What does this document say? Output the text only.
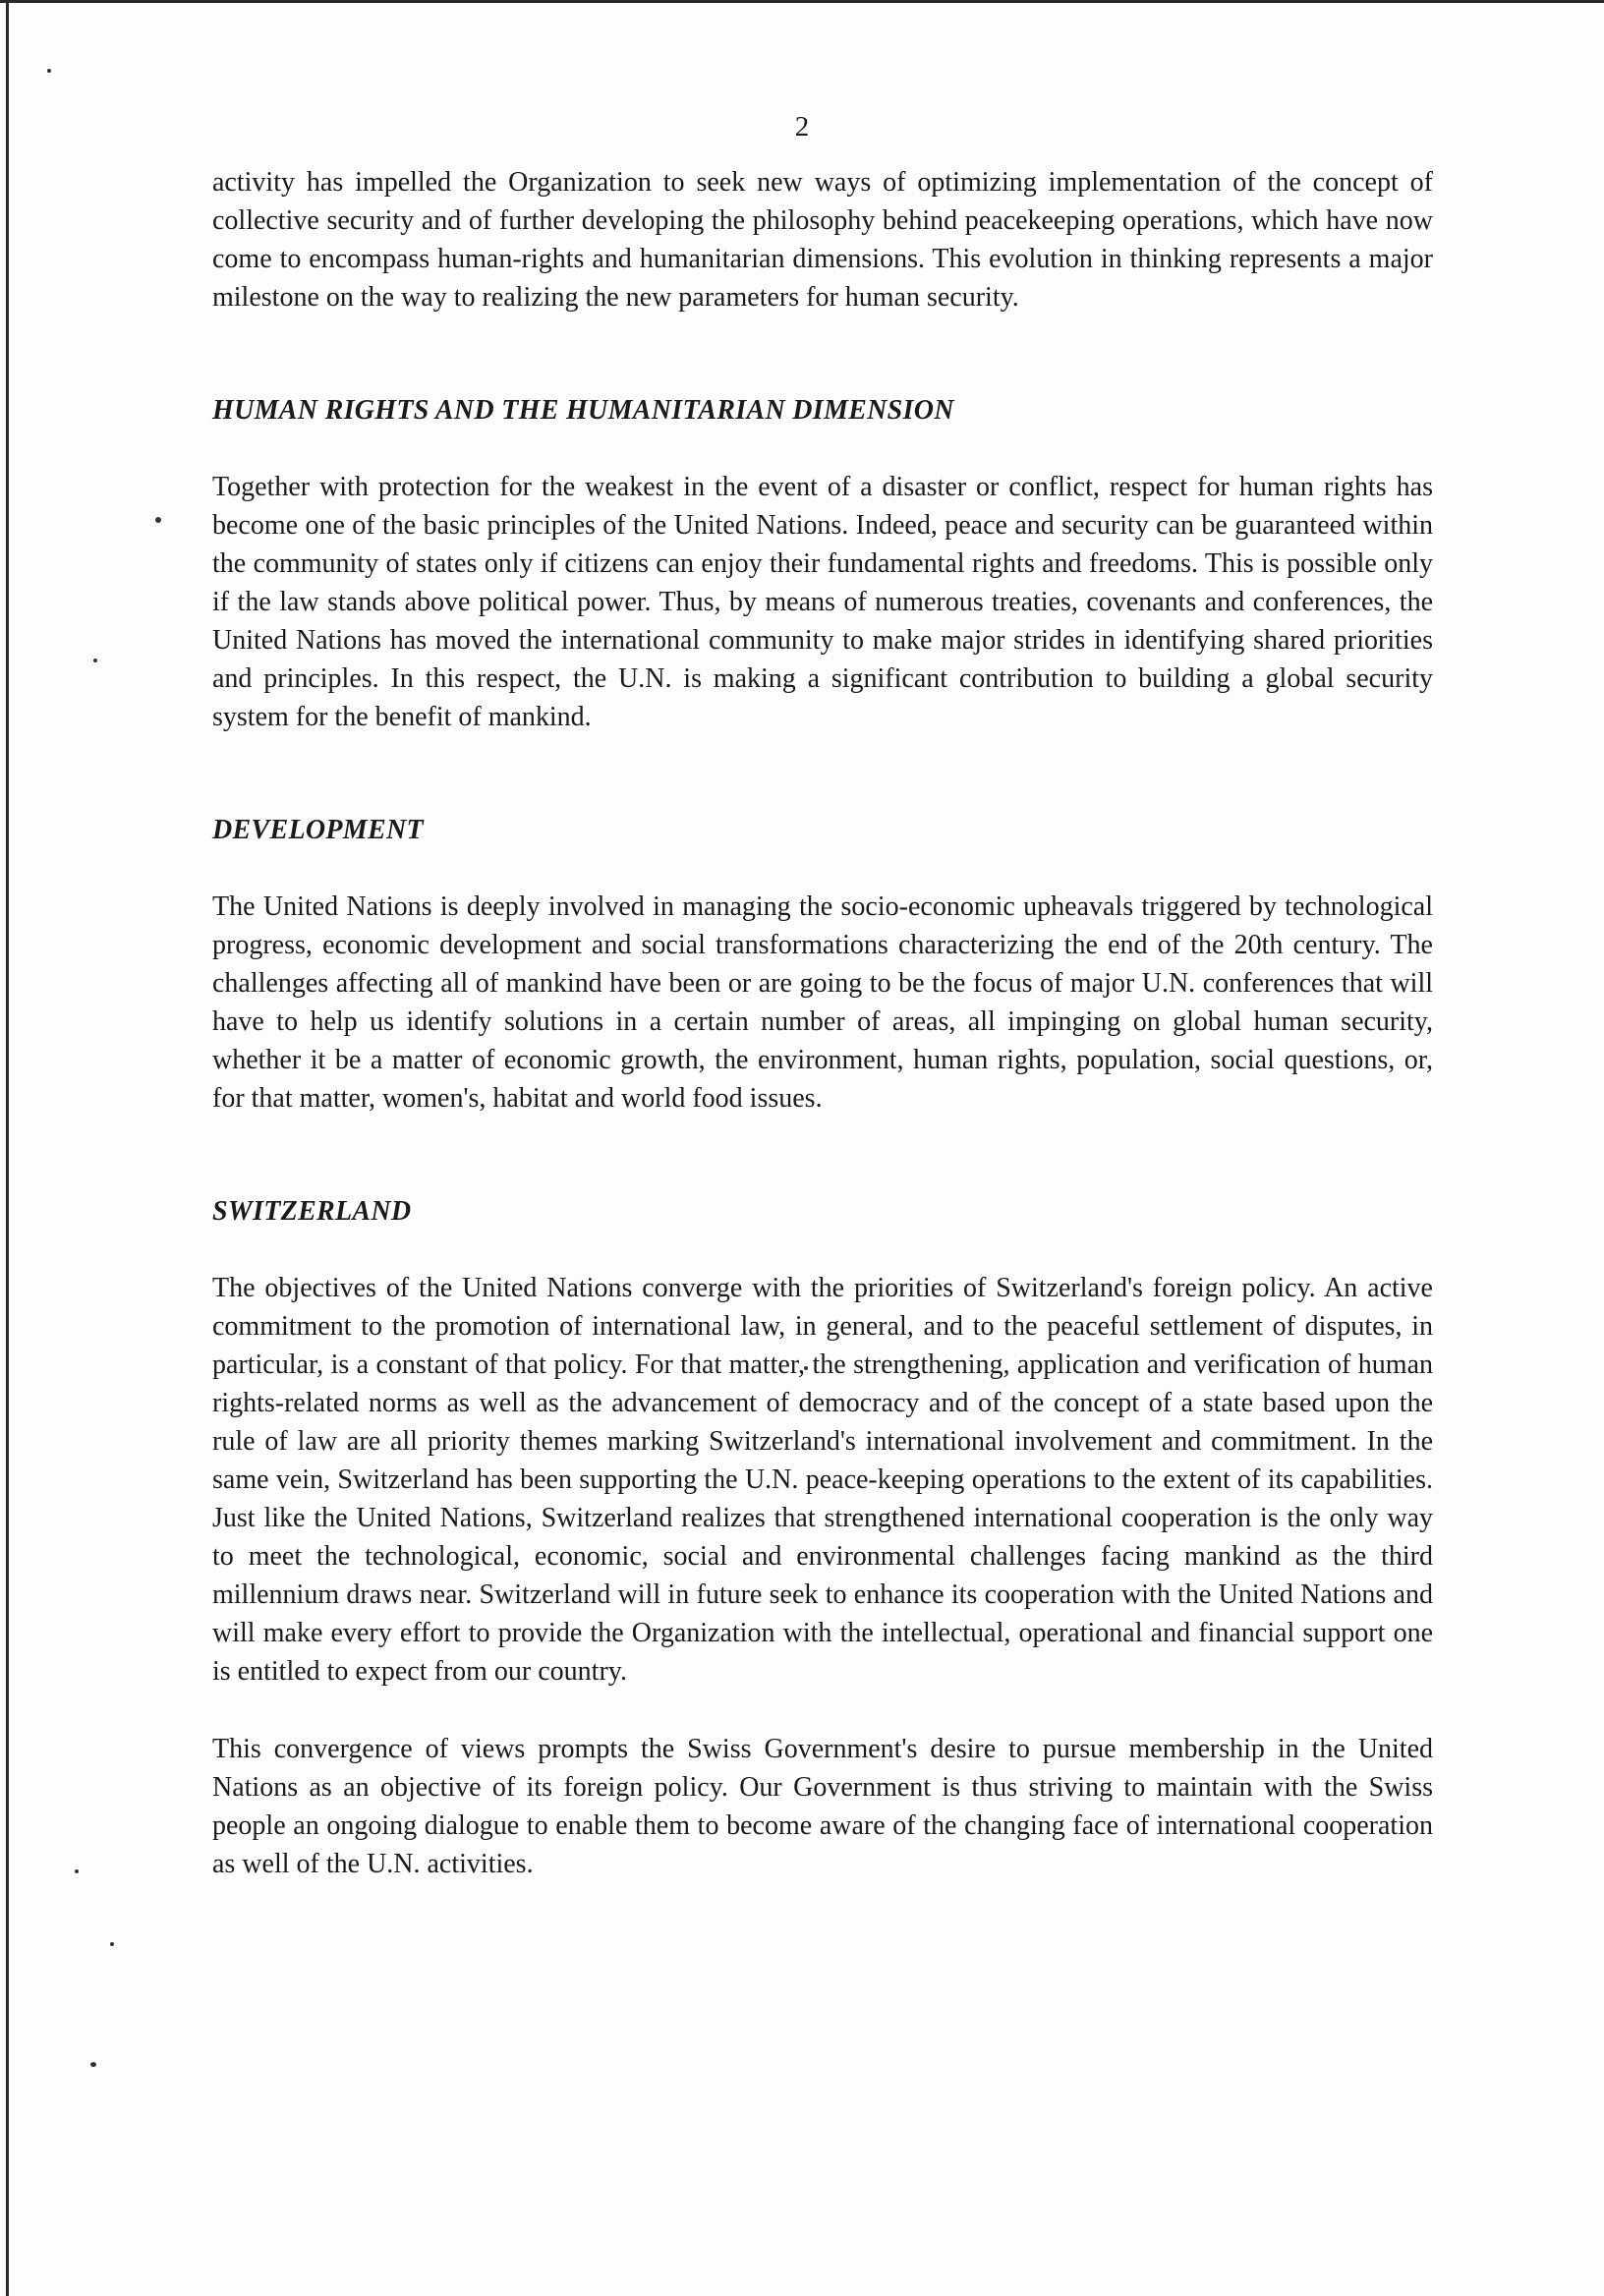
2

activity has impelled the Organization to seek new ways of optimizing implementation of the concept of collective security and of further developing the philosophy behind peacekeeping operations, which have now come to encompass human-rights and humanitarian dimensions. This evolution in thinking represents a major milestone on the way to realizing the new parameters for human security.

HUMAN RIGHTS AND THE HUMANITARIAN DIMENSION

Together with protection for the weakest in the event of a disaster or conflict, respect for human rights has become one of the basic principles of the United Nations. Indeed, peace and security can be guaranteed within the community of states only if citizens can enjoy their fundamental rights and freedoms. This is possible only if the law stands above political power. Thus, by means of numerous treaties, covenants and conferences, the United Nations has moved the international community to make major strides in identifying shared priorities and principles. In this respect, the U.N. is making a significant contribution to building a global security system for the benefit of mankind.

DEVELOPMENT

The United Nations is deeply involved in managing the socio-economic upheavals triggered by technological progress, economic development and social transformations characterizing the end of the 20th century. The challenges affecting all of mankind have been or are going to be the focus of major U.N. conferences that will have to help us identify solutions in a certain number of areas, all impinging on global human security, whether it be a matter of economic growth, the environment, human rights, population, social questions, or, for that matter, women's, habitat and world food issues.

SWITZERLAND

The objectives of the United Nations converge with the priorities of Switzerland's foreign policy. An active commitment to the promotion of international law, in general, and to the peaceful settlement of disputes, in particular, is a constant of that policy. For that matter, the strengthening, application and verification of human rights-related norms as well as the advancement of democracy and of the concept of a state based upon the rule of law are all priority themes marking Switzerland's international involvement and commitment. In the same vein, Switzerland has been supporting the U.N. peace-keeping operations to the extent of its capabilities. Just like the United Nations, Switzerland realizes that strengthened international cooperation is the only way to meet the technological, economic, social and environmental challenges facing mankind as the third millennium draws near. Switzerland will in future seek to enhance its cooperation with the United Nations and will make every effort to provide the Organization with the intellectual, operational and financial support one is entitled to expect from our country.

This convergence of views prompts the Swiss Government's desire to pursue membership in the United Nations as an objective of its foreign policy. Our Government is thus striving to maintain with the Swiss people an ongoing dialogue to enable them to become aware of the changing face of international cooperation as well of the U.N. activities.
